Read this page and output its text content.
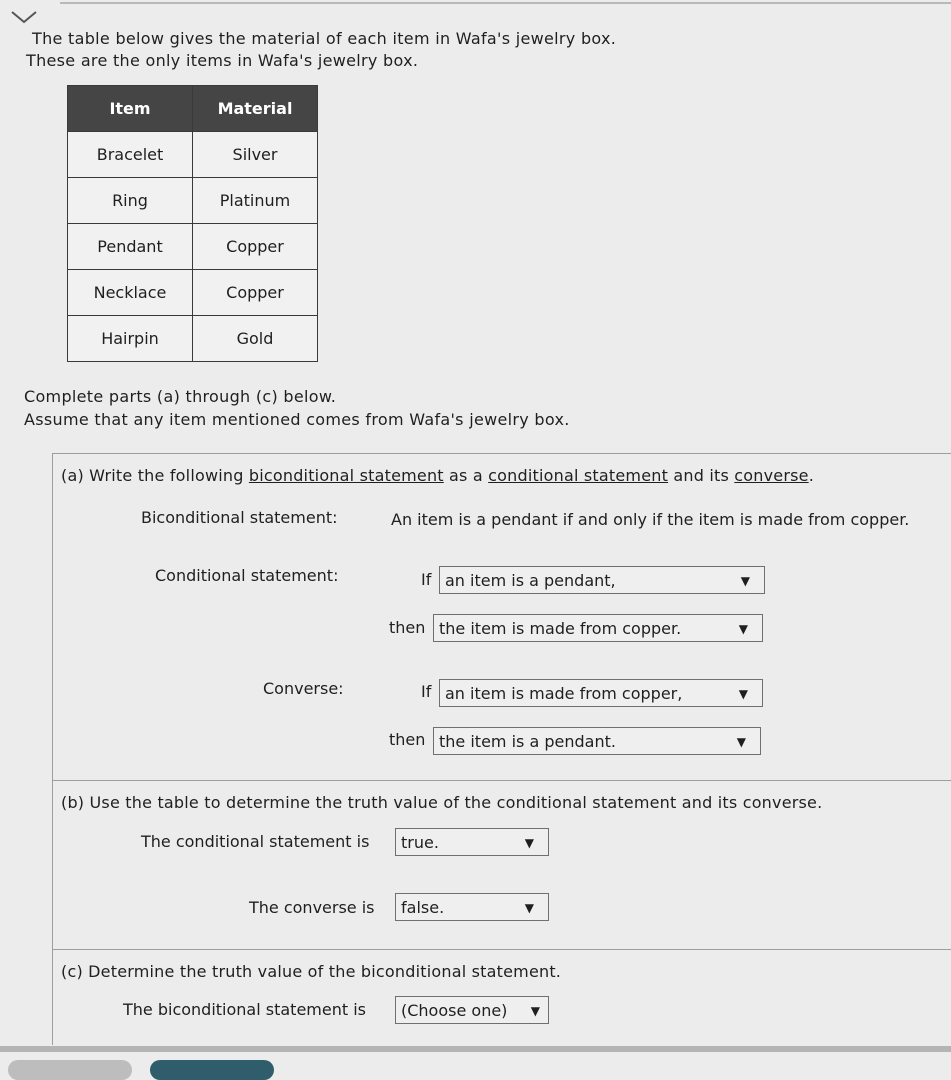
The table below gives the material of each item in Wafa's jewelry box.

These are the only items in Wafa's jewelry box.

Item	Material
Bracelet	Silver
Ring	Platinum
Pendant	Copper
Necklace	Copper
Hairpin	Gold

Complete parts (a) through (c) below.

Assume that any item mentioned comes from Wafa's jewelry box.

(a) Write the following biconditional statement as a conditional statement and its converse.
Biconditional statement:	An item is a pendant if and only if the item is made from copper.
Conditional statement:	If an item is a pendant,	▼
then the item is made from copper.	▼
Converse:	If an item is made from copper,	▼
then the item is a pendant.	▼
(b) Use the table to determine the truth value of the conditional statement and its converse.
The conditional statement is	true.	▼
The converse is	false.	▼
(c) Determine the truth value of the biconditional statement.
The biconditional statement is	(Choose one) ▼
